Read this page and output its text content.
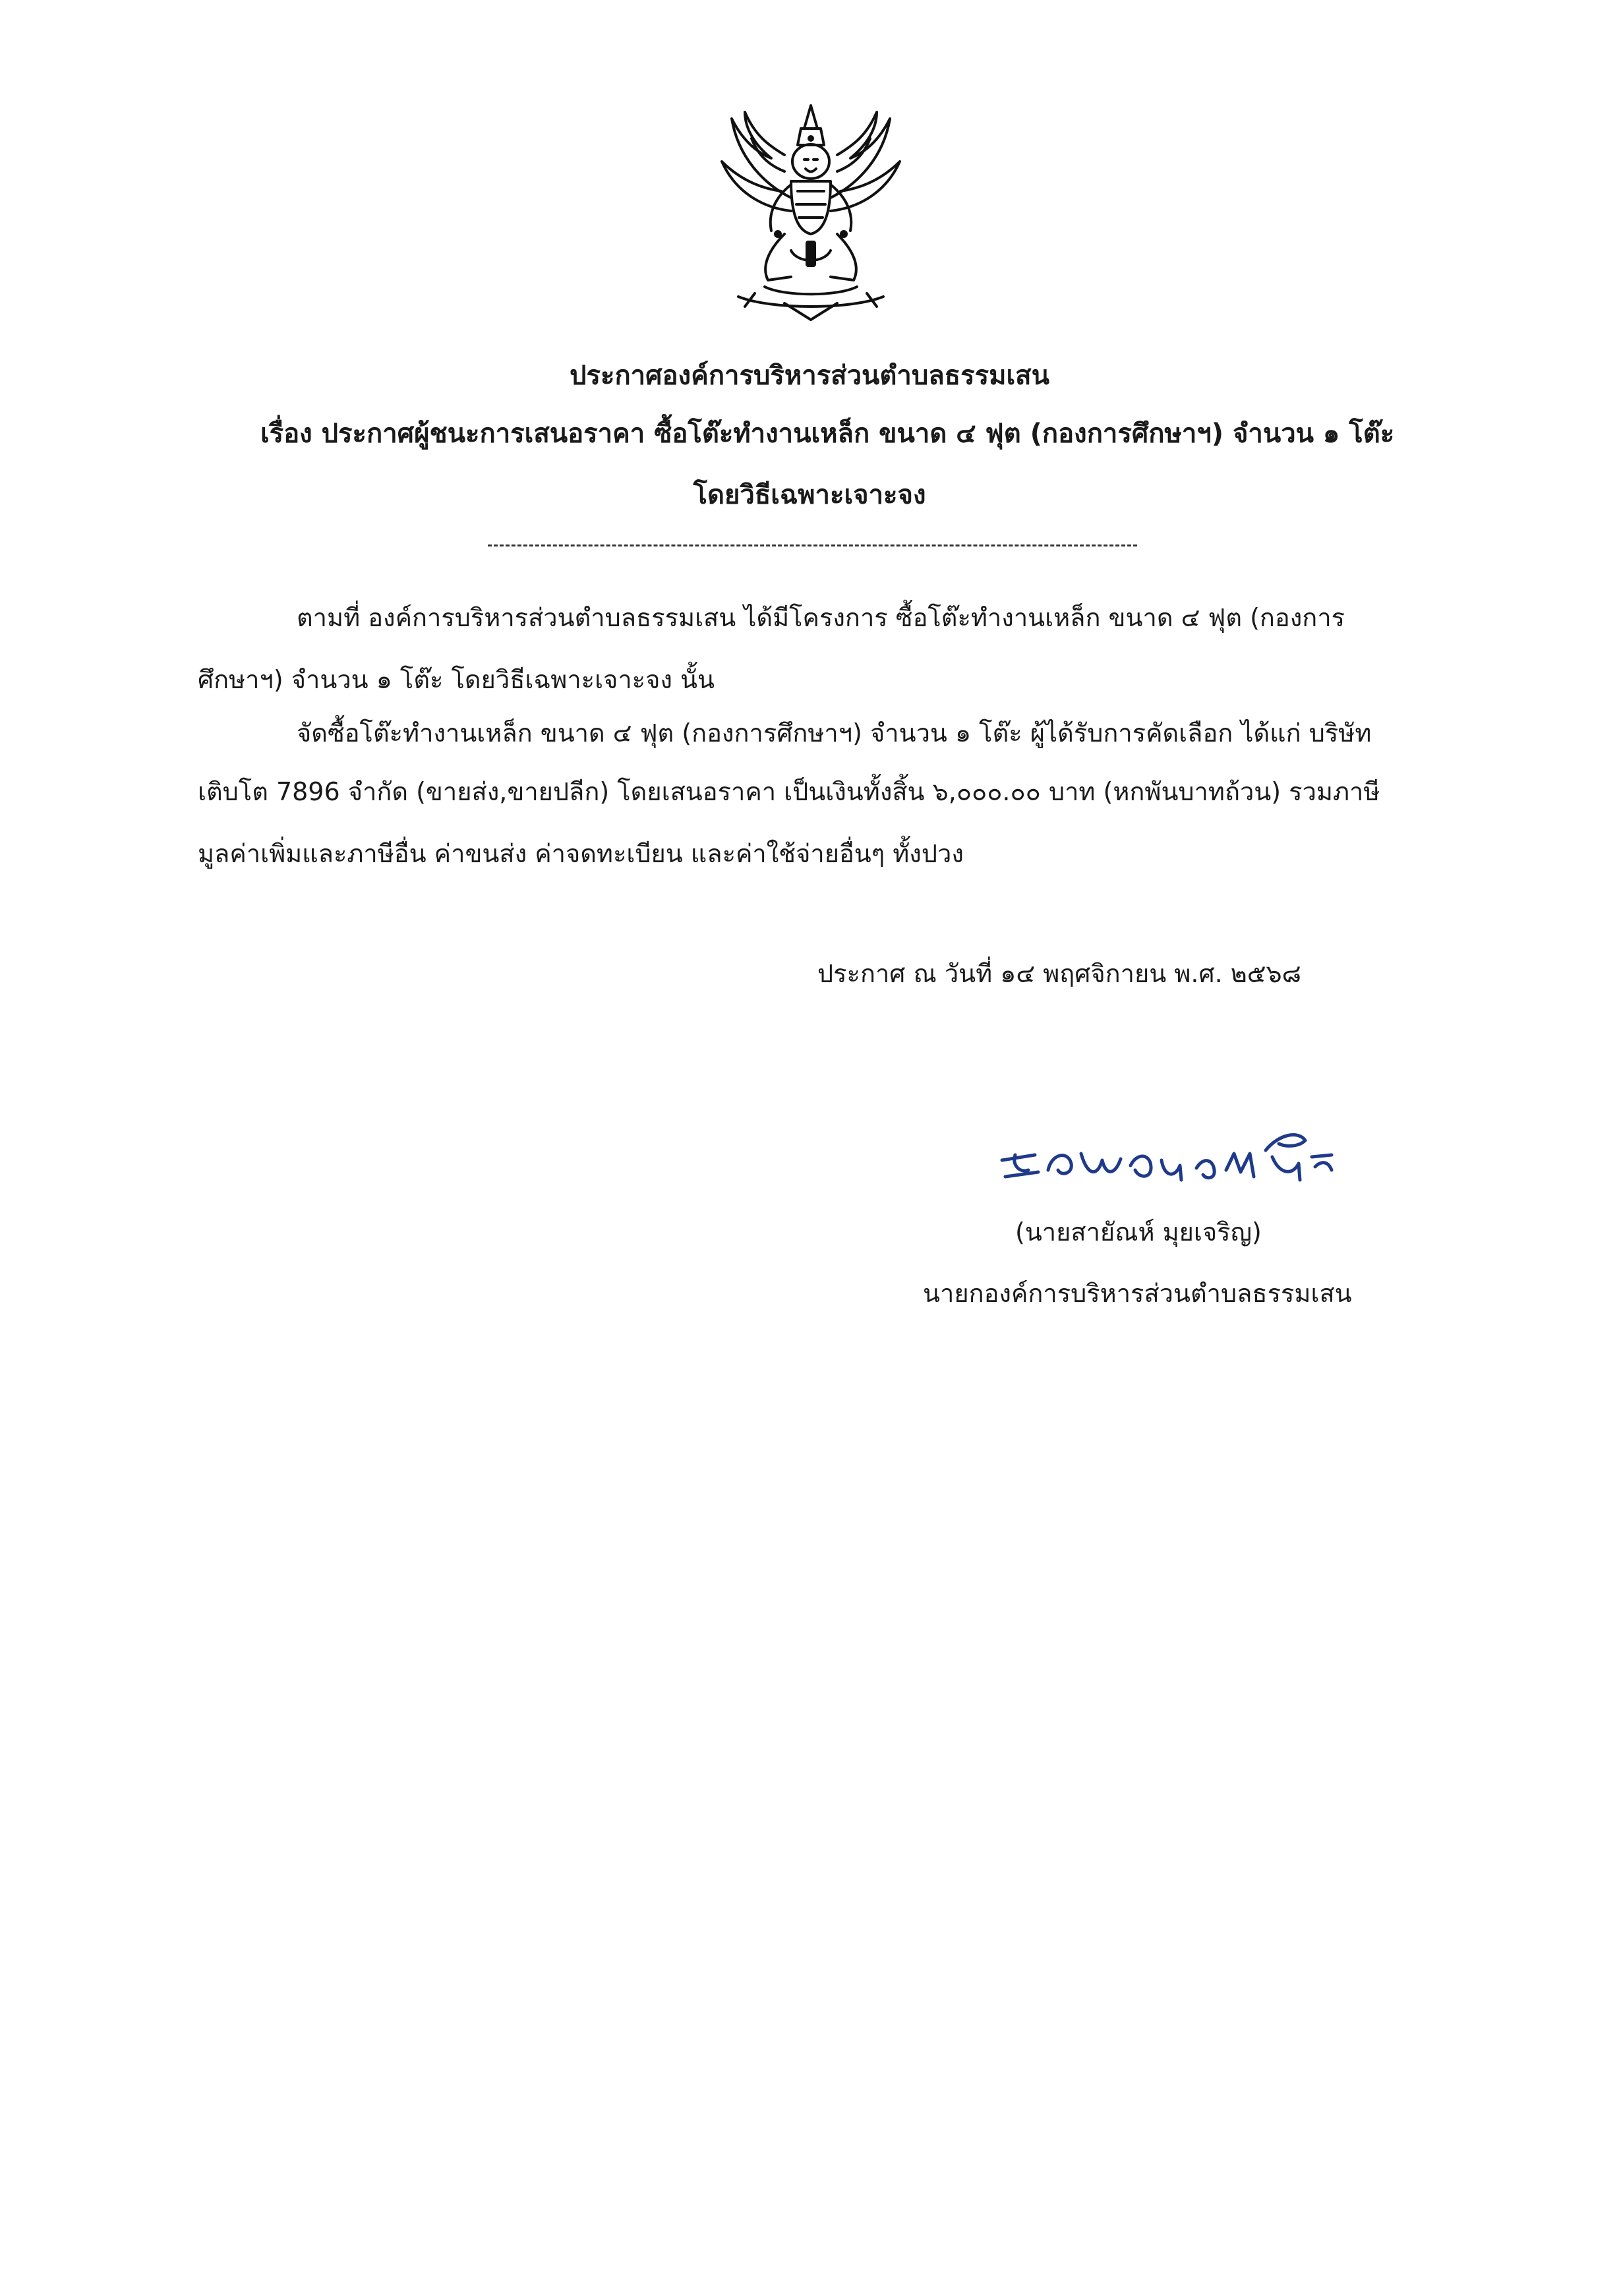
ประกาศองค์การบริหารส่วนตำบลธรรมเสน
เรื่อง ประกาศผู้ชนะการเสนอราคา ซื้อโต๊ะทำงานเหล็ก ขนาด ๔ ฟุต (กองการศึกษาฯ) จำนวน ๑ โต๊ะ
โดยวิธีเฉพาะเจาะจง
ตามที่ องค์การบริหารส่วนตำบลธรรมเสน ได้มีโครงการ ซื้อโต๊ะทำงานเหล็ก ขนาด ๔ ฟุต (กองการ
ศึกษาฯ) จำนวน ๑ โต๊ะ โดยวิธีเฉพาะเจาะจง นั้น
จัดซื้อโต๊ะทำงานเหล็ก ขนาด ๔ ฟุต (กองการศึกษาฯ) จำนวน ๑ โต๊ะ ผู้ได้รับการคัดเลือก ได้แก่ บริษัท
เติบโต 7896 จำกัด (ขายส่ง,ขายปลีก) โดยเสนอราคา เป็นเงินทั้งสิ้น ๖,๐๐๐.๐๐ บาท (หกพันบาทถ้วน) รวมภาษี
มูลค่าเพิ่มและภาษีอื่น ค่าขนส่ง ค่าจดทะเบียน และค่าใช้จ่ายอื่นๆ ทั้งปวง
ประกาศ ณ วันที่ ๑๔ พฤศจิกายน พ.ศ. ๒๕๖๘
(นายสายัณห์ มุยเจริญ)
นายกองค์การบริหารส่วนตำบลธรรมเสน
